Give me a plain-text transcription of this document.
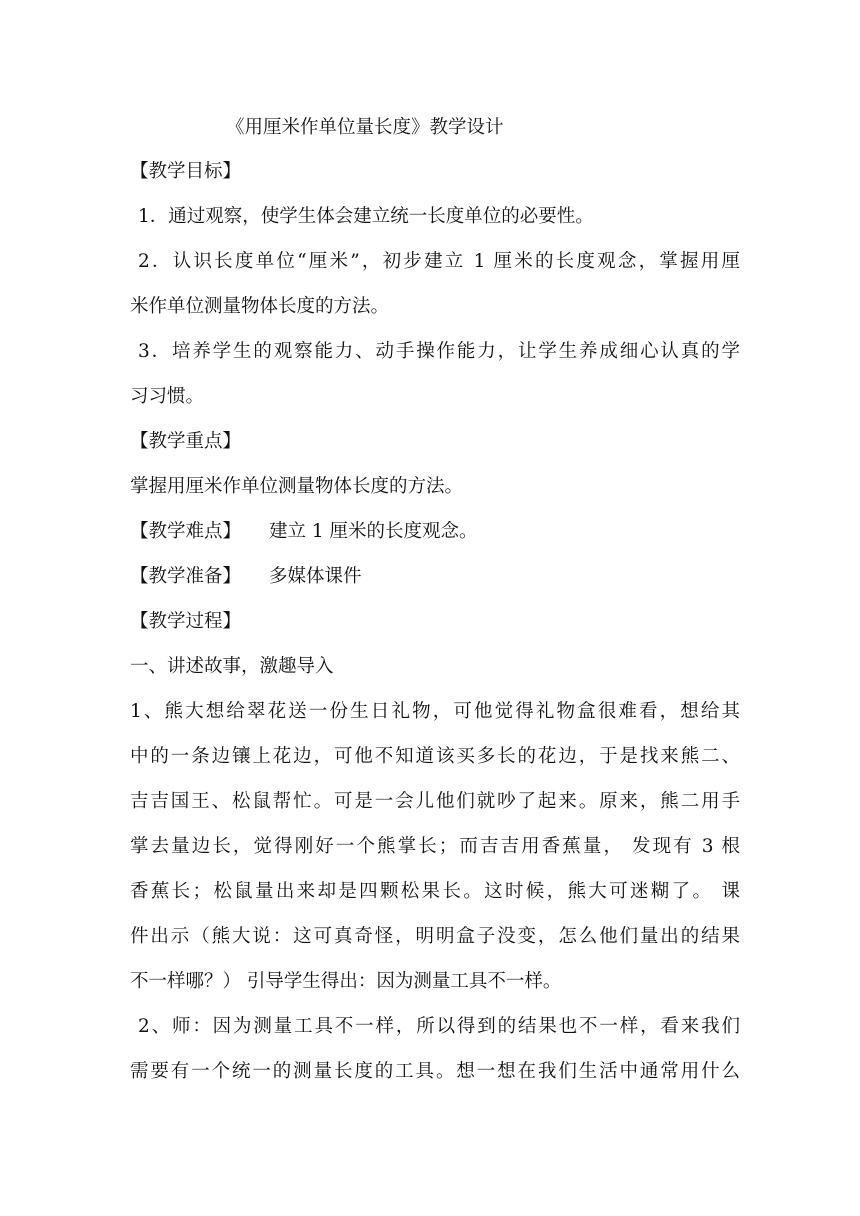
《用厘米作单位量长度》教学设计
【教学目标】
1．通过观察，使学生体会建立统一长度单位的必要性。
2．认识长度单位“厘米”，初步建立 1 厘米的长度观念，掌握用厘
米作单位测量物体长度的方法。
3．培养学生的观察能力、动手操作能力，让学生养成细心认真的学
习习惯。
【教学重点】
掌握用厘米作单位测量物体长度的方法。
【教学难点】 建立 1 厘米的长度观念。
【教学准备】 多媒体课件
【教学过程】
一、讲述故事，激趣导入
1、熊大想给翠花送一份生日礼物，可他觉得礼物盒很难看，想给其
中的一条边镶上花边，可他不知道该买多长的花边，于是找来熊二、
吉吉国王、松鼠帮忙。可是一会儿他们就吵了起来。原来，熊二用手
掌去量边长，觉得刚好一个熊掌长；而吉吉用香蕉量， 发现有 3 根
香蕉长；松鼠量出来却是四颗松果长。这时候，熊大可迷糊了。 课
件出示（熊大说：这可真奇怪，明明盒子没变，怎么他们量出的结果
不一样哪？） 引导学生得出：因为测量工具不一样。
2、师：因为测量工具不一样，所以得到的结果也不一样，看来我们
需要有一个统一的测量长度的工具。想一想在我们生活中通常用什么
